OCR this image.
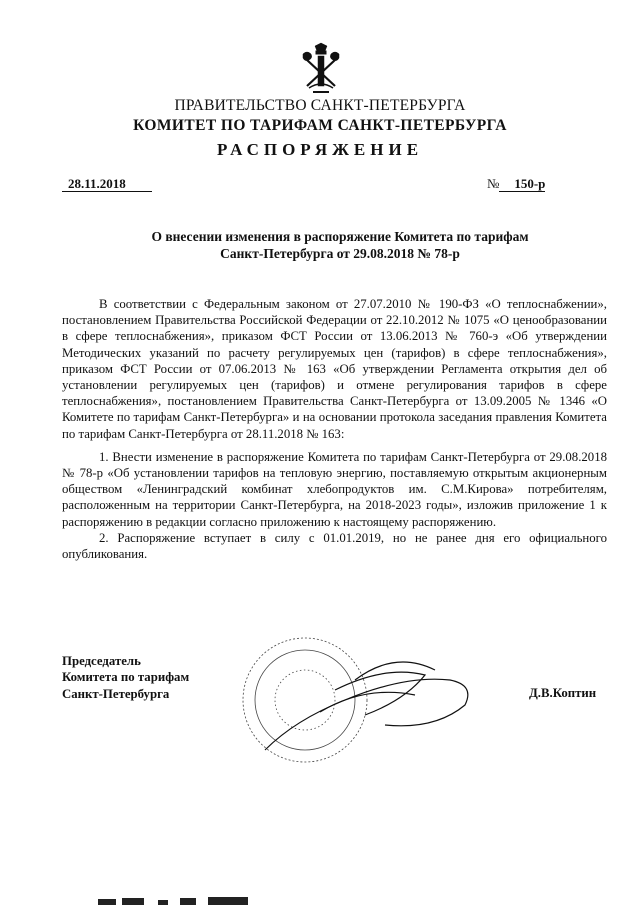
ПРАВИТЕЛЬСТВО САНКТ-ПЕТЕРБУРГА
КОМИТЕТ ПО ТАРИФАМ САНКТ-ПЕТЕРБУРГА
РАСПОРЯЖЕНИЕ
28.11.2018	№ 150-р
О внесении изменения в распоряжение Комитета по тарифам
Санкт-Петербурга от 29.08.2018 № 78-р

В соответствии с Федеральным законом от 27.07.2010 № 190-ФЗ «О теплоснабжении», постановлением Правительства Российской Федерации от 22.10.2012 № 1075 «О ценообразовании в сфере теплоснабжения», приказом ФСТ России от 13.06.2013 № 760-э «Об утверждении Методических указаний по расчету регулируемых цен (тарифов) в сфере теплоснабжения», приказом ФСТ России от 07.06.2013 № 163 «Об утверждении Регламента открытия дел об установлении регулируемых цен (тарифов) и отмене регулирования тарифов в сфере теплоснабжения», постановлением Правительства Санкт-Петербурга от 13.09.2005 № 1346 «О Комитете по тарифам Санкт-Петербурга» и на основании протокола заседания правления Комитета по тарифам Санкт-Петербурга от 28.11.2018 № 163:

1. Внести изменение в распоряжение Комитета по тарифам Санкт-Петербурга от 29.08.2018 № 78-р «Об установлении тарифов на тепловую энергию, поставляемую открытым акционерным обществом «Ленинградский комбинат хлебопродуктов им. С.М.Кирова» потребителям, расположенным на территории Санкт-Петербурга, на 2018-2023 годы», изложив приложение 1 к распоряжению в редакции согласно приложению к настоящему распоряжению.

2. Распоряжение вступает в силу с 01.01.2019, но не ранее дня его официального опубликования.

Председатель
Комитета по тарифам
Санкт-Петербурга	Д.В.Коптин
